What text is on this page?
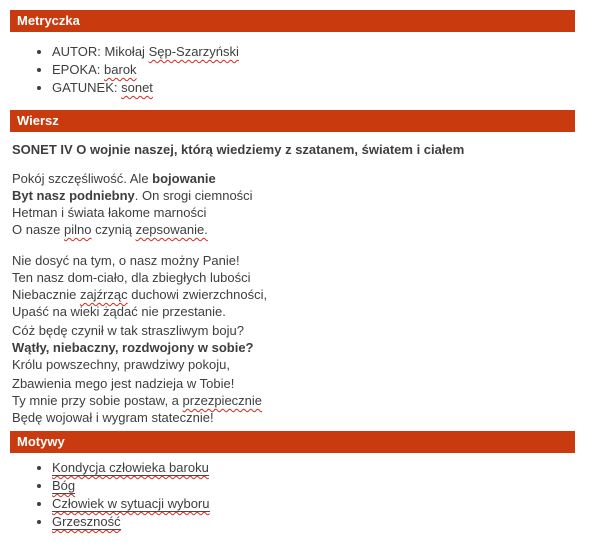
Metryczka
• AUTOR: Mikołaj Sęp-Szarzyński
• EPOKA: barok
• GATUNEK: sonet
Wiersz

SONET IV O wojnie naszej, którą wiedziemy z szatanem, światem i ciałem

Pokój szczęśliwość. Ale bojowanie
Byt nasz podniebny. On srogi ciemności
Hetman i świata łakome marności
O nasze pilno czynią zepsowanie.
Nie dosyć na tym, o nasz możny Panie!
Ten nasz dom-ciało, dla zbiegłych lubości
Niebacznie zajźrząc duchowi zwierzchności,
Upaść na wieki żądać nie przestanie.
Cóż będę czynił w tak straszliwym boju?
Wątły, niebaczny, rozdwojony w sobie?
Królu powszechny, prawdziwy pokoju,
Zbawienia mego jest nadzieja w Tobie!
Ty mnie przy sobie postaw, a przezpiecznie
Będę wojował i wygram statecznie!
Motywy
• Kondycja człowieka baroku
• Bóg
• Człowiek w sytuacji wyboru
• Grzeszność
